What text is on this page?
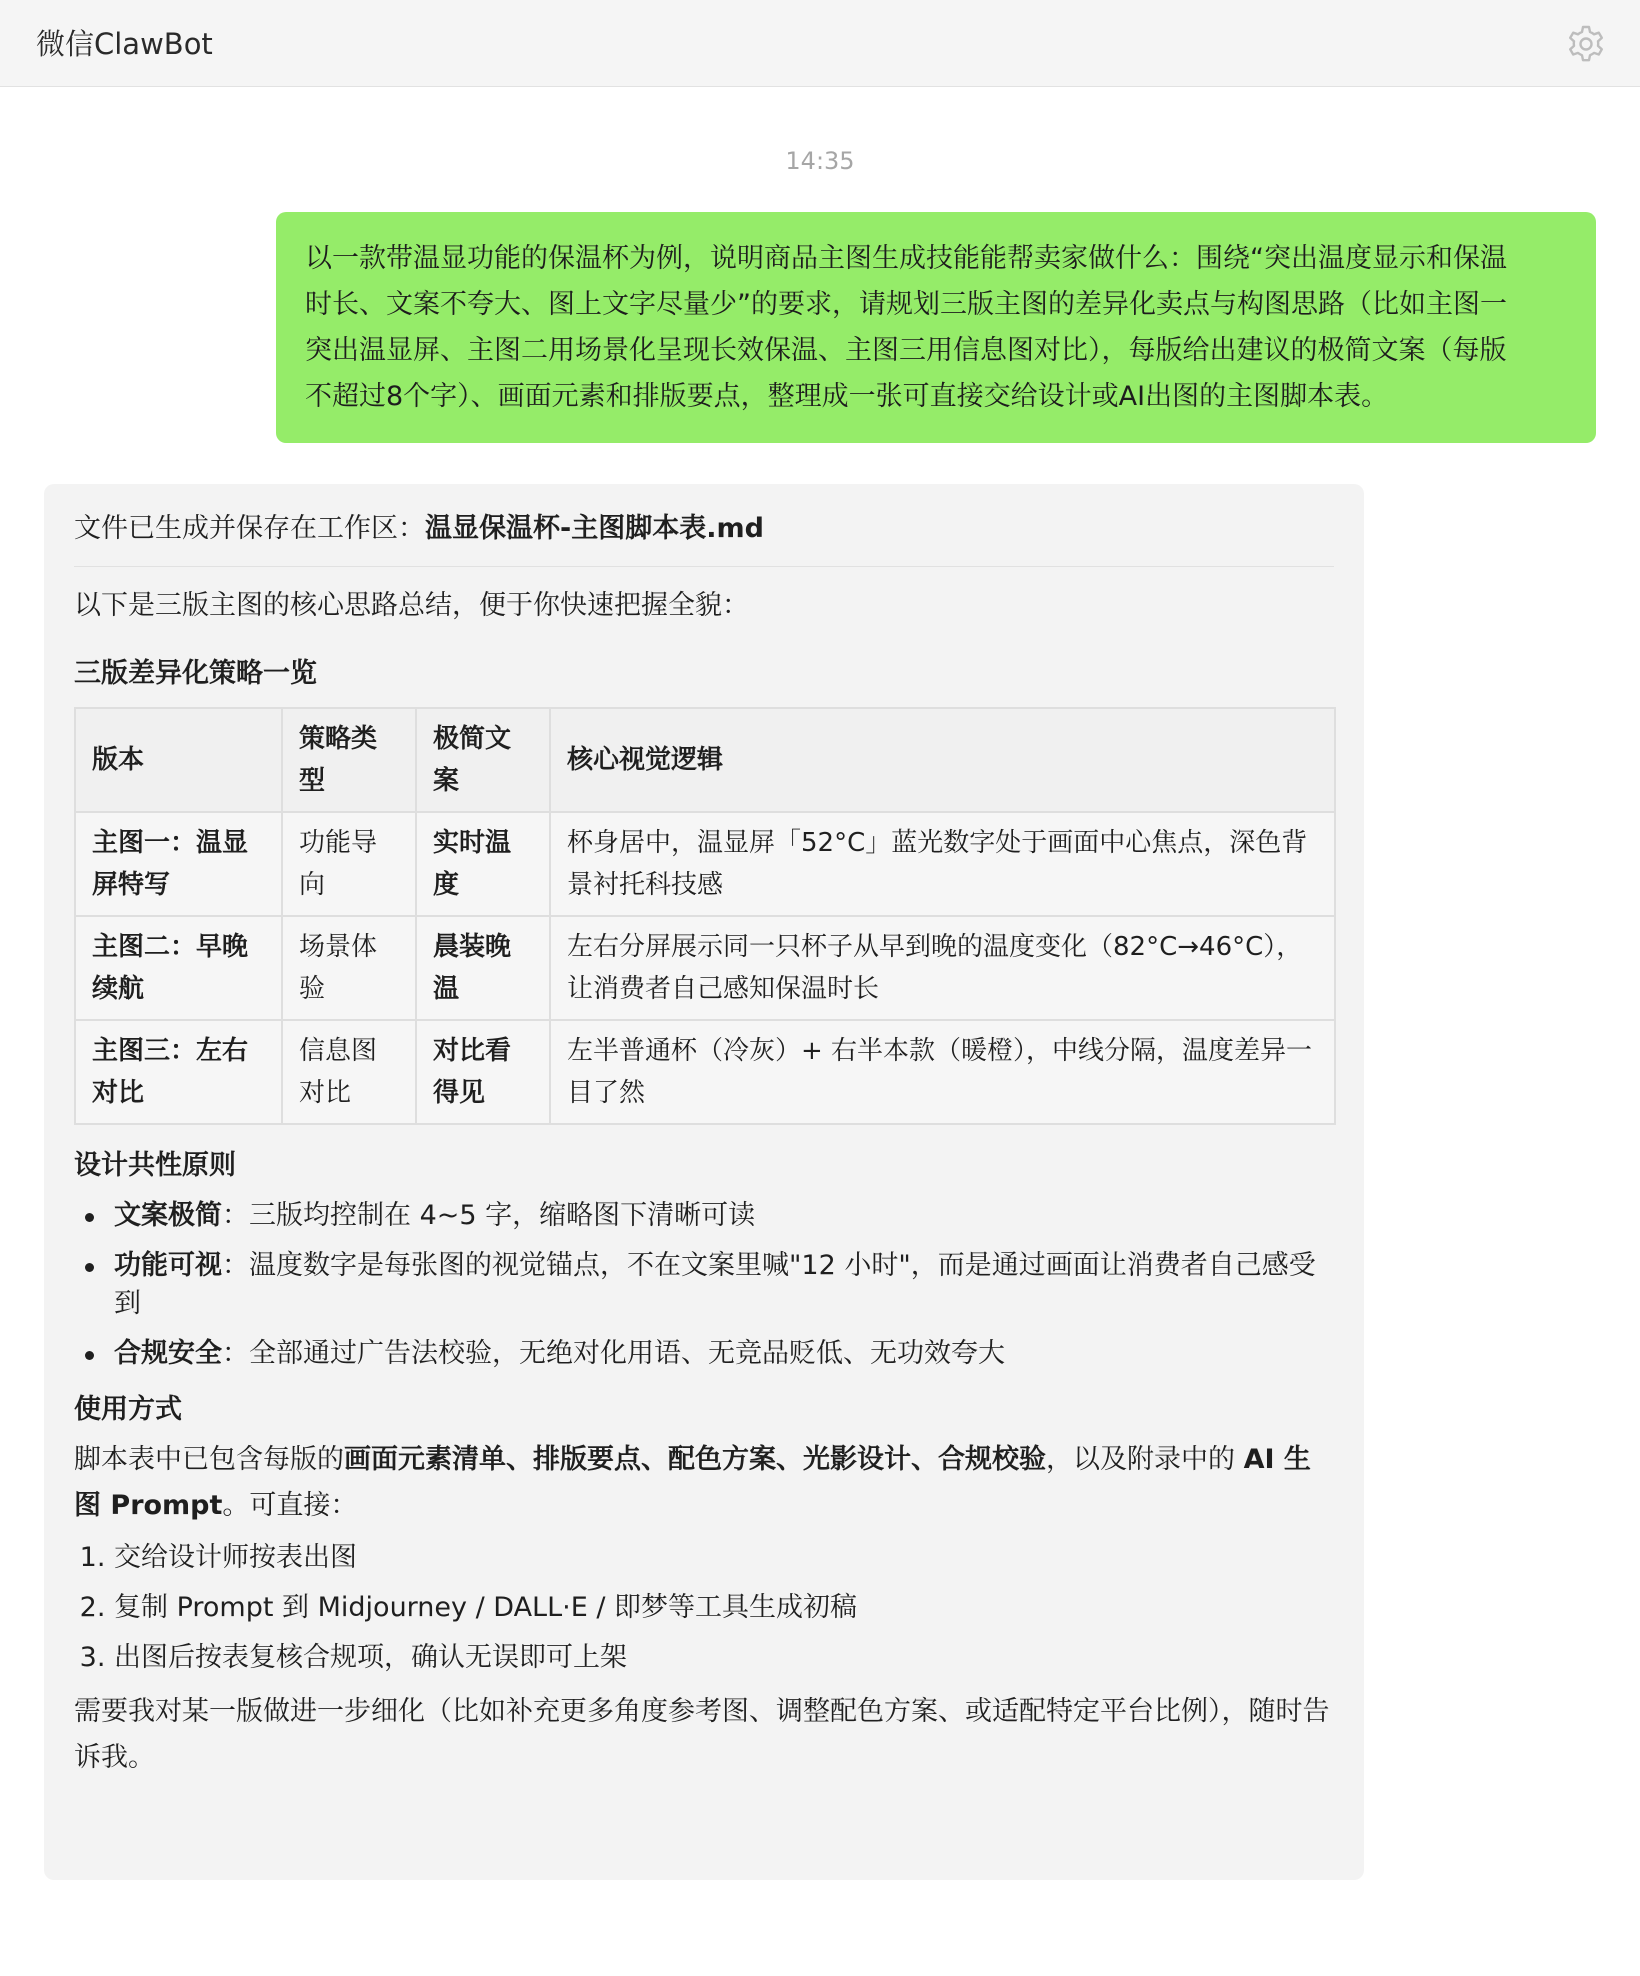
微信ClawBot
14:35
以一款带温显功能的保温杯为例，说明商品主图生成技能能帮卖家做什么：围绕“突出温度显示和保温
时长、文案不夸大、图上文字尽量少”的要求，请规划三版主图的差异化卖点与构图思路（比如主图一
突出温显屏、主图二用场景化呈现长效保温、主图三用信息图对比），每版给出建议的极简文案（每版
不超过8个字）、画面元素和排版要点，整理成一张可直接交给设计或AI出图的主图脚本表。
文件已生成并保存在工作区：温显保温杯-主图脚本表.md
以下是三版主图的核心思路总结，便于你快速把握全貌：
三版差异化策略一览
版本	策略类型	极简文案	核心视觉逻辑
主图一：温显屏特写	功能导向	实时温度	杯身居中，温显屏「52°C」蓝光数字处于画面中心焦点，深色背景衬托科技感
主图二：早晚续航	场景体验	晨装晚温	左右分屏展示同一只杯子从早到晚的温度变化（82°C→46°C），让消费者自己感知保温时长
主图三：左右对比	信息图对比	对比看得见	左半普通杯（冷灰）+ 右半本款（暖橙），中线分隔，温度差异一目了然
设计共性原则
文案极简：三版均控制在 4~5 字，缩略图下清晰可读
功能可视：温度数字是每张图的视觉锚点，不在文案里喊"12 小时"，而是通过画面让消费者自己感受到
合规安全：全部通过广告法校验，无绝对化用语、无竞品贬低、无功效夸大
使用方式
脚本表中已包含每版的画面元素清单、排版要点、配色方案、光影设计、合规校验，以及附录中的 AI 生图 Prompt。可直接：
1. 交给设计师按表出图
2. 复制 Prompt 到 Midjourney / DALL·E / 即梦等工具生成初稿
3. 出图后按表复核合规项，确认无误即可上架
需要我对某一版做进一步细化（比如补充更多角度参考图、调整配色方案、或适配特定平台比例），随时告诉我。
